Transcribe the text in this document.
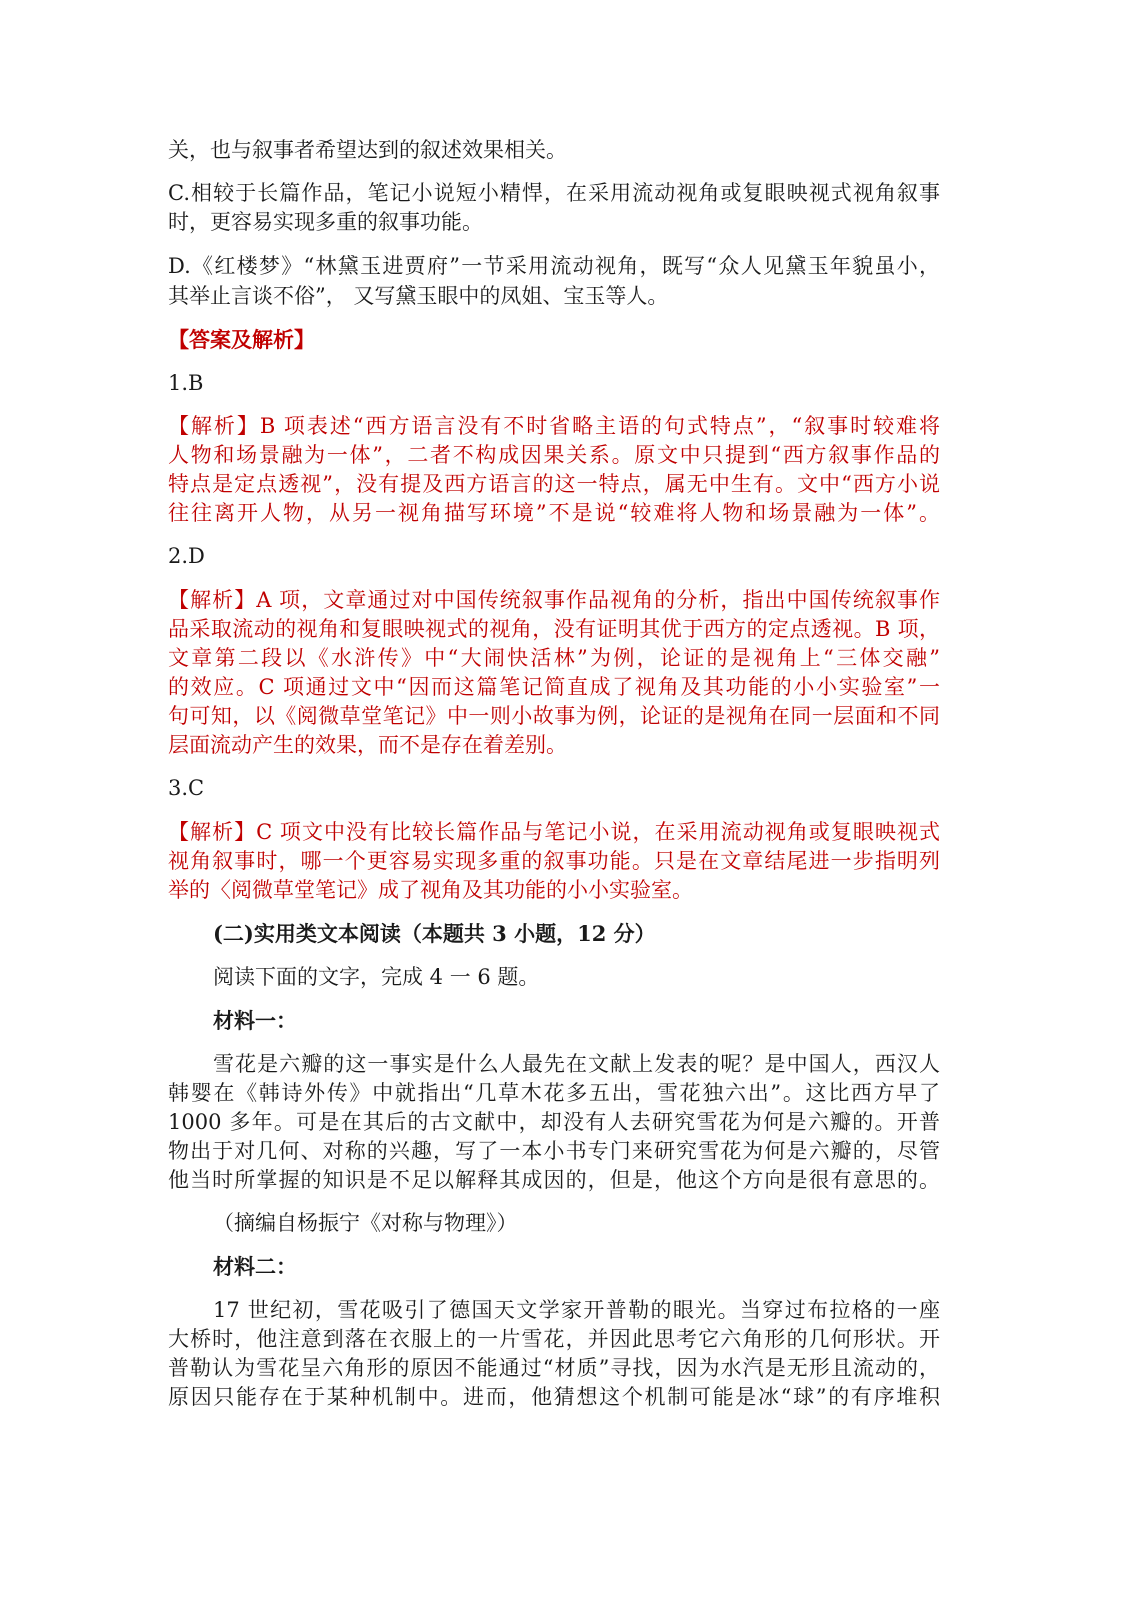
关，也与叙事者希望达到的叙述效果相关。
C.相较于长篇作品，笔记小说短小精悍，在采用流动视角或复眼映视式视角叙事
时，更容易实现多重的叙事功能。
D.《红楼梦》“林黛玉进贾府”一节采用流动视角，既写“众人见黛玉年貌虽小，
其举止言谈不俗”， 又写黛玉眼中的凤姐、宝玉等人。
【答案及解析】
1.B
【解析】B 项表述“西方语言没有不时省略主语的句式特点”，“叙事时较难将
人物和场景融为一体”，二者不构成因果关系。原文中只提到“西方叙事作品的
特点是定点透视”，没有提及西方语言的这一特点，属无中生有。文中“西方小说
往往离开人物，从另一视角描写环境”不是说“较难将人物和场景融为一体”。
2.D
【解析】A 项，文章通过对中国传统叙事作品视角的分析，指出中国传统叙事作
品采取流动的视角和复眼映视式的视角，没有证明其优于西方的定点透视。B 项，
文章第二段以《水浒传》中“大闹快活林”为例，论证的是视角上“三体交融”
的效应。C 项通过文中“因而这篇笔记简直成了视角及其功能的小小实验室”一
句可知，以《阅微草堂笔记》中一则小故事为例，论证的是视角在同一层面和不同
层面流动产生的效果，而不是存在着差别。
3.C
【解析】C 项文中没有比较长篇作品与笔记小说，在采用流动视角或复眼映视式
视角叙事时，哪一个更容易实现多重的叙事功能。只是在文章结尾进一步指明列
举的〈阅微草堂笔记》成了视角及其功能的小小实验室。
(二)实用类文本阅读（本题共 3 小题，12 分）
阅读下面的文字，完成 4 一 6 题。
材料一：
雪花是六瓣的这一事实是什么人最先在文献上发表的呢？是中国人，西汉人
韩婴在《韩诗外传》中就指出“几草木花多五出，雪花独六出”。这比西方早了
1000 多年。可是在其后的古文献中，却没有人去研究雪花为何是六瓣的。开普
物出于对几何、对称的兴趣，写了一本小书专门来研究雪花为何是六瓣的，尽管
他当时所掌握的知识是不足以解释其成因的，但是，他这个方向是很有意思的。
（摘编自杨振宁《对称与物理》）
材料二：
17 世纪初，雪花吸引了德国天文学家开普勒的眼光。当穿过布拉格的一座
大桥时，他注意到落在衣服上的一片雪花，并因此思考它六角形的几何形状。开
普勒认为雪花呈六角形的原因不能通过“材质”寻找，因为水汽是无形且流动的，
原因只能存在于某种机制中。进而，他猜想这个机制可能是冰“球”的有序堆积
